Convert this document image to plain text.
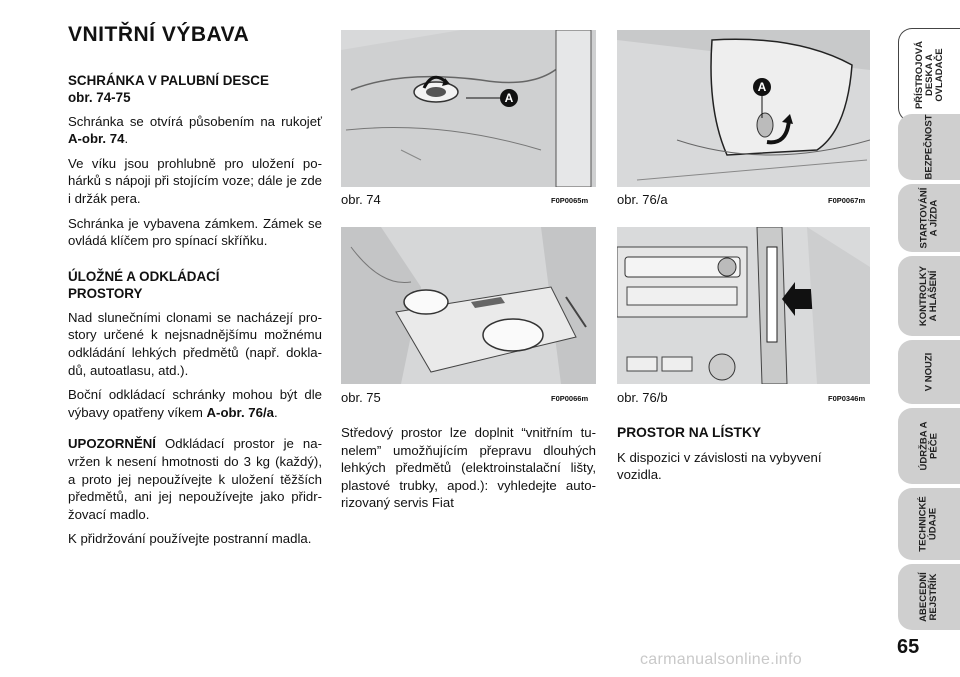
VNITŘNÍ VÝBAVA
SCHRÁNKA V PALUBNÍ DESCE
obr. 74-75

Schránka se otvírá působením na rukojeť A-obr. 74.

Ve víku jsou prohlubně pro uložení po-hárků s nápoji při stojícím voze; dále je zde i držák pera.

Schránka je vybavena zámkem. Zámek se ovládá klíčem pro spínací skříňku.

ÚLOŽNÉ A ODKLÁDACÍ
PROSTORY

Nad slunečními clonami se nacházejí pro-story určené k nejsnadnějšímu možnému odkládání lehkých předmětů (např. dokla-dů, autoatlasu, atd.).

Boční odkládací schránky mohou být dle výbavy opatřeny víkem A-obr. 76/a.

UPOZORNĚNÍ Odkládací prostor je na-vržen k nesení hmotnosti do 3 kg (každý), a proto jej nepoužívejte k uložení těžších předmětů, ani jej nepoužívejte jako přidr-žovací madlo.

K přidržování používejte postranní madla.

A
obr. 74	F0P0065m
A
obr. 76/a	F0P0067m
obr. 75	F0P0066m obr. 76/b	F0P0346m

Středový prostor lze doplnit “vnitřním tu-nelem” umožňujícím přepravu dlouhých lehkých předmětů (elektroinstalační lišty, plastové trubky, apod.): vyhledejte auto-rizovaný servis Fiat

PROSTOR NA LÍSTKY

K dispozici v závislosti na vybyvení vozidla.

PŘÍSTROJOVÁ
DESKA A
OVLADAČE
BEZPEČNOST
STARTOVÁNÍ
A JÍZDA
KONTROLKY
A HLÁŠENÍ
V NOUZI
ÚDRŽBA A
PÉČE
TECHNICKÉ
ÚDAJE
ABECEDNÍ
REJSTŘÍK
65
carmanualsonline.info
